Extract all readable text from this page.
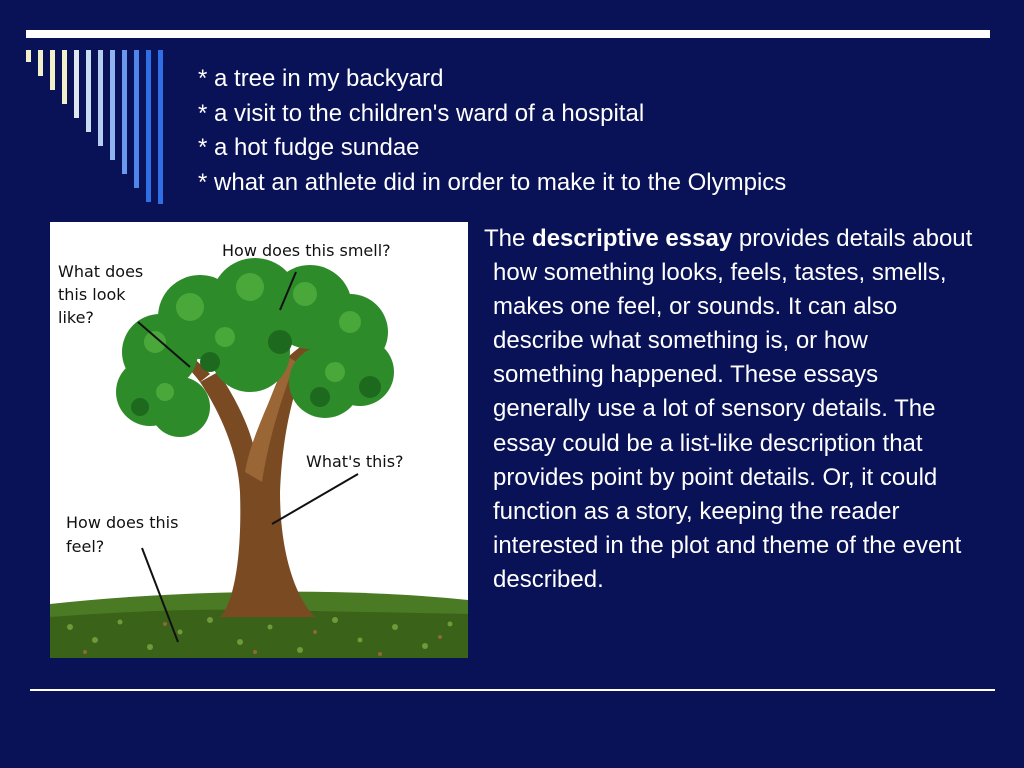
* a tree in my backyard
* a visit to the children's ward of a hospital
* a hot fudge sundae
* what an athlete did in order to make it to the Olympics
What does
this look
like?
How does this smell?
What's this?
How does this
feel?

The descriptive essay provides details about how something looks, feels, tastes, smells, makes one feel, or sounds. It can also describe what something is, or how something happened. These essays generally use a lot of sensory details. The essay could be a list-like description that provides point by point details. Or, it could function as a story, keeping the reader interested in the plot and theme of the event described.
